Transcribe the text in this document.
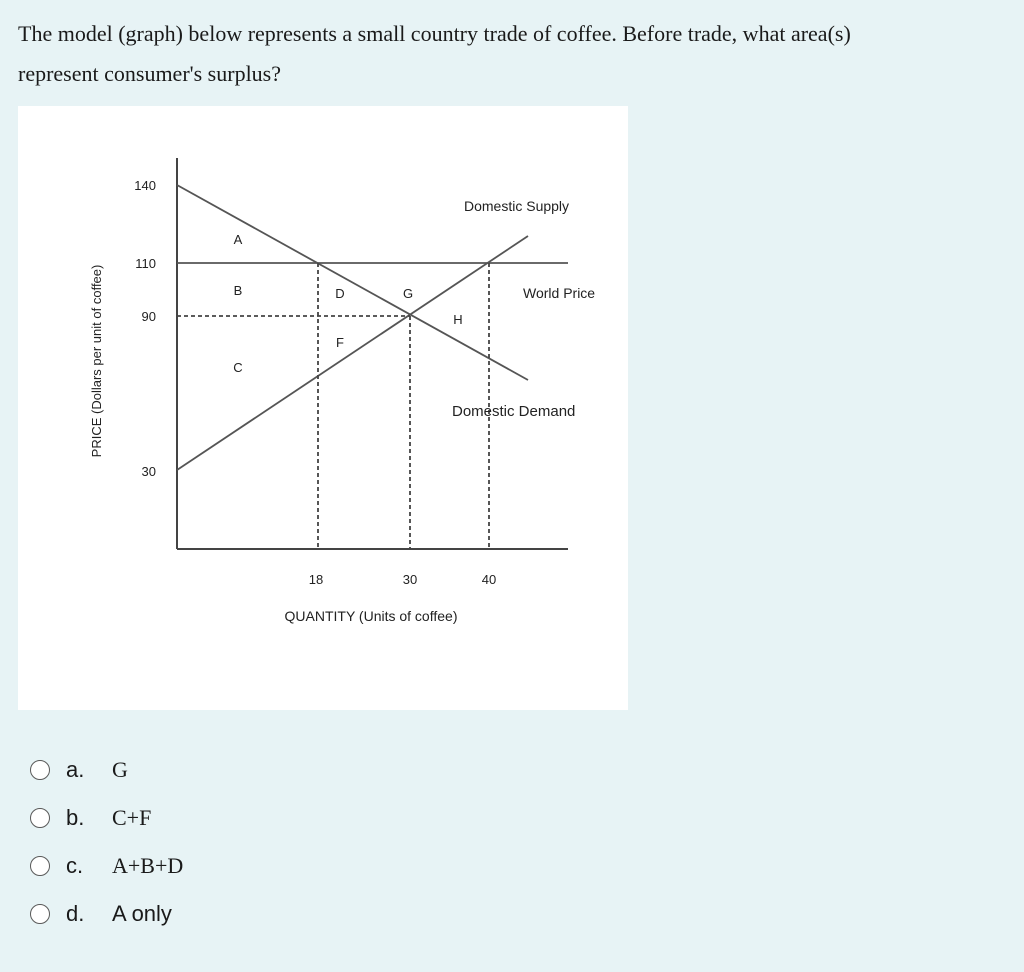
The model (graph) below represents a small country trade of coffee. Before trade, what area(s)
represent consumer's surplus?
140
110
90
30
18	30	40
QUANTITY (Units of coffee)
PRICE (Dollars per unit of coffee)
Domestic Supply
World Price
Domestic Demand
A
B
C
D
F
G
H
a.	G
b.	C+F
c.	A+B+D
d.	A only
